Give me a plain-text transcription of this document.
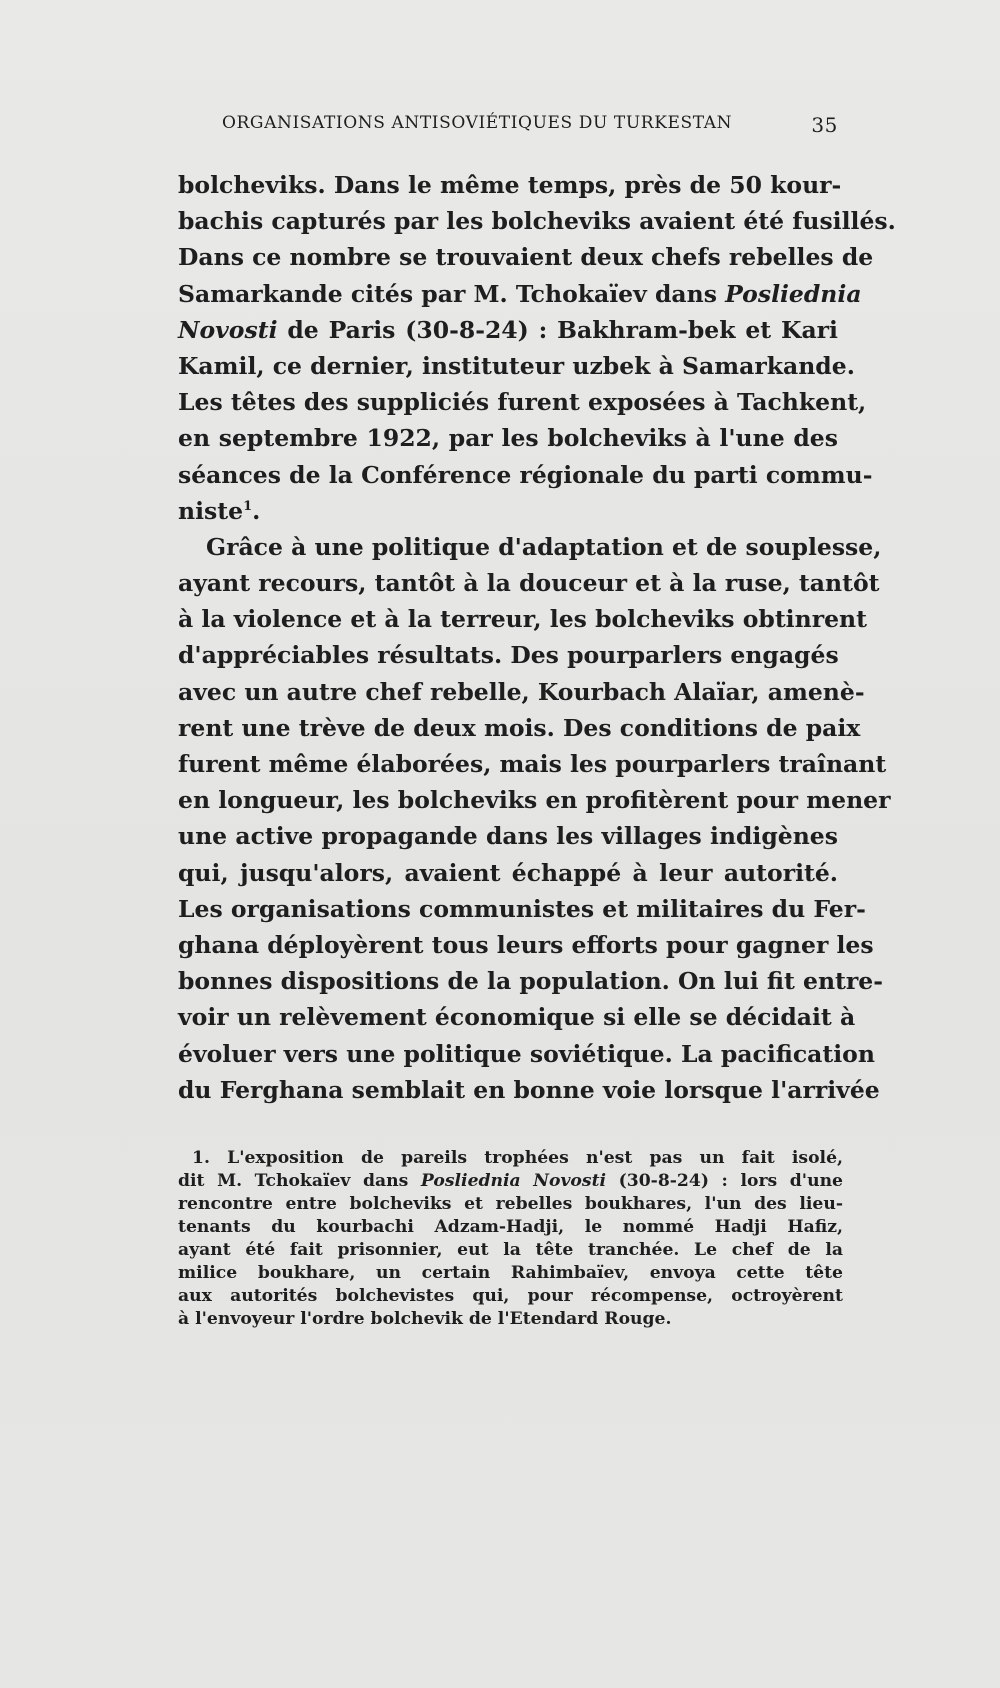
ORGANISATIONS ANTISOVIÉTIQUES DU TURKESTAN	35
bolcheviks. Dans le même temps, près de 50 kour-
bachis capturés par les bolcheviks avaient été fusillés.
Dans ce nombre se trouvaient deux chefs rebelles de
Samarkande cités par M. Tchokaïev dans Posliednia
Novosti de Paris (30-8-24) : Bakhram-bek et Kari
Kamil, ce dernier, instituteur uzbek à Samarkande.
Les têtes des suppliciés furent exposées à Tachkent,
en septembre 1922, par les bolcheviks à l'une des
séances de la Conférence régionale du parti commu-
niste$^1$.
Grâce à une politique d'adaptation et de souplesse,
ayant recours, tantôt à la douceur et à la ruse, tantôt
à la violence et à la terreur, les bolcheviks obtinrent
d'appréciables résultats. Des pourparlers engagés
avec un autre chef rebelle, Kourbach Alaïar, amenè-
rent une trève de deux mois. Des conditions de paix
furent même élaborées, mais les pourparlers traînant
en longueur, les bolcheviks en profitèrent pour mener
une active propagande dans les villages indigènes
qui, jusqu'alors, avaient échappé à leur autorité.
Les organisations communistes et militaires du Fer-
ghana déployèrent tous leurs efforts pour gagner les
bonnes dispositions de la population. On lui fit entre-
voir un relèvement économique si elle se décidait à
évoluer vers une politique soviétique. La pacification
du Ferghana semblait en bonne voie lorsque l'arrivée
1. L'exposition de pareils trophées n'est pas un fait isolé,
dit M. Tchokaïev dans Posliednia Novosti (30-8-24) : lors d'une
rencontre entre bolcheviks et rebelles boukhares, l'un des lieu-
tenants du kourbachi Adzam-Hadji, le nommé Hadji Hafiz,
ayant été fait prisonnier, eut la tête tranchée. Le chef de la
milice boukhare, un certain Rahimbaïev, envoya cette tête
aux autorités bolchevistes qui, pour récompense, octroyèrent
à l'envoyeur l'ordre bolchevik de l'Etendard Rouge.
